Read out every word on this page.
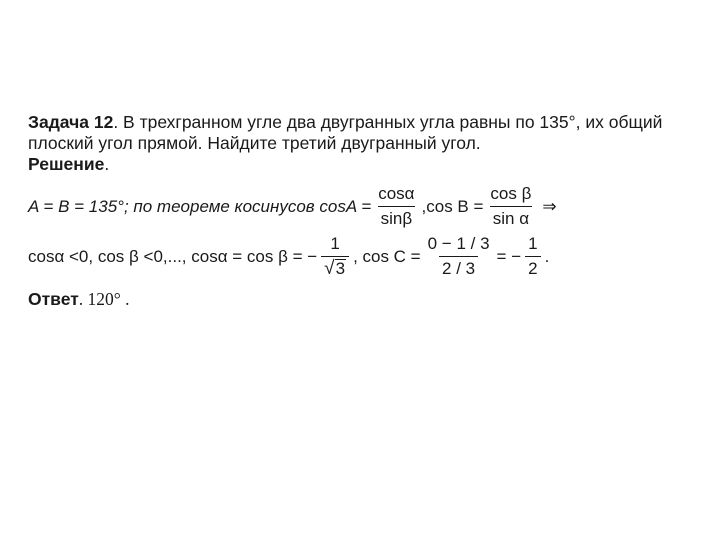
Задача 12. В трехгранном угле два двугранных угла равны по 135°, их общий
плоский угол прямой. Найдите третий двугранный угол.
Решение.
A = B = 135°; по теореме косинусов $\cos A = \frac{\cos\alpha}{\sin\beta} ,\cos$ $B = \frac{\text{cos β}}{\text{sin α}}$ ⇒
cosα <0, cos β <0,..., cosα = cos β = − $\frac{1}{√ 3}$ , $\cos C = \frac{0 - 1 / 3}{2 / 3}$ = − $\frac{1}{2}$ .
Ответ. 120° .
